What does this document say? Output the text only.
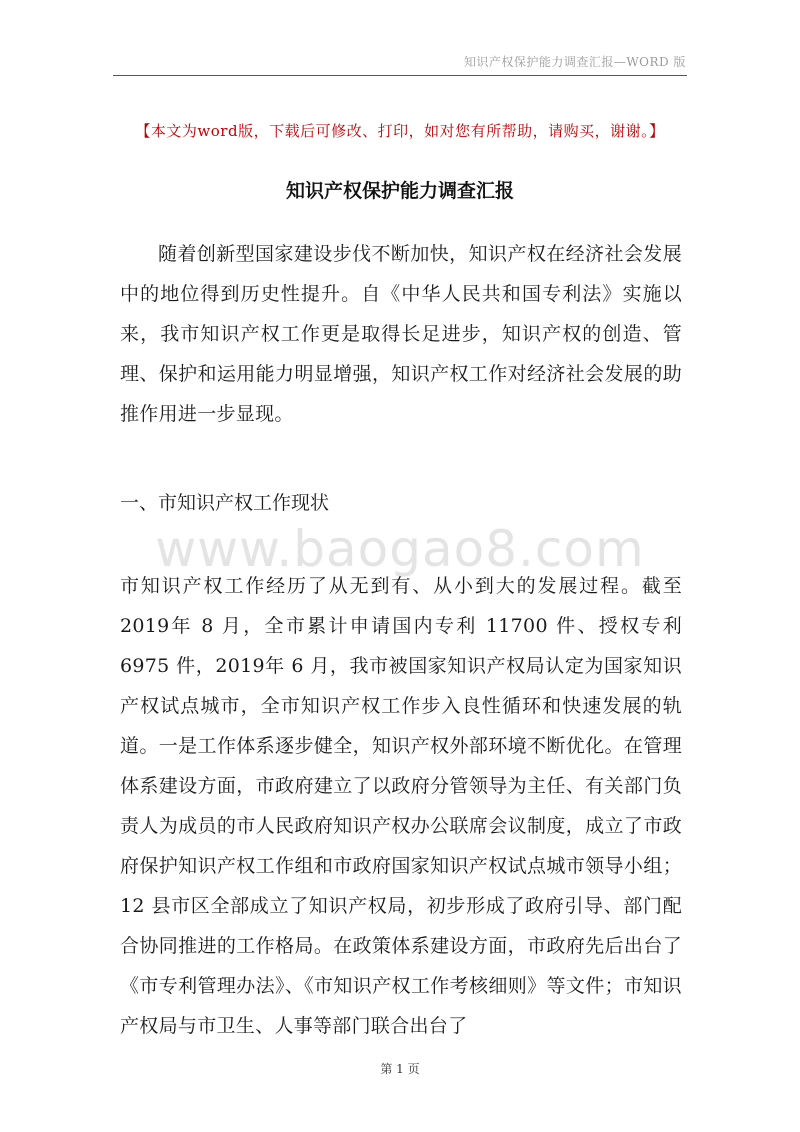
知识产权保护能力调查汇报—WORD 版
【本文为word版，下载后可修改、打印，如对您有所帮助，请购买，谢谢。】
知识产权保护能力调查汇报

随着创新型国家建设步伐不断加快，知识产权在经济社会发展中的地位得到历史性提升。自《中华人民共和国专利法》实施以来，我市知识产权工作更是取得长足进步，知识产权的创造、管理、保护和运用能力明显增强，知识产权工作对经济社会发展的助推作用进一步显现。

一、市知识产权工作现状

www.baogao8.com

市知识产权工作经历了从无到有、从小到大的发展过程。截至 2019年 8 月，全市累计申请国内专利 11700 件、授权专利 6975 件，2019年 6 月，我市被国家知识产权局认定为国家知识产权试点城市，全市知识产权工作步入良性循环和快速发展的轨道。一是工作体系逐步健全，知识产权外部环境不断优化。在管理体系建设方面，市政府建立了以政府分管领导为主任、有关部门负责人为成员的市人民政府知识产权办公联席会议制度，成立了市政府保护知识产权工作组和市政府国家知识产权试点城市领导小组；12 县市区全部成立了知识产权局，初步形成了政府引导、部门配合协同推进的工作格局。在政策体系建设方面，市政府先后出台了《市专利管理办法》、《市知识产权工作考核细则》等文件；市知识产权局与市卫生、人事等部门联合出台了

第 1 页
